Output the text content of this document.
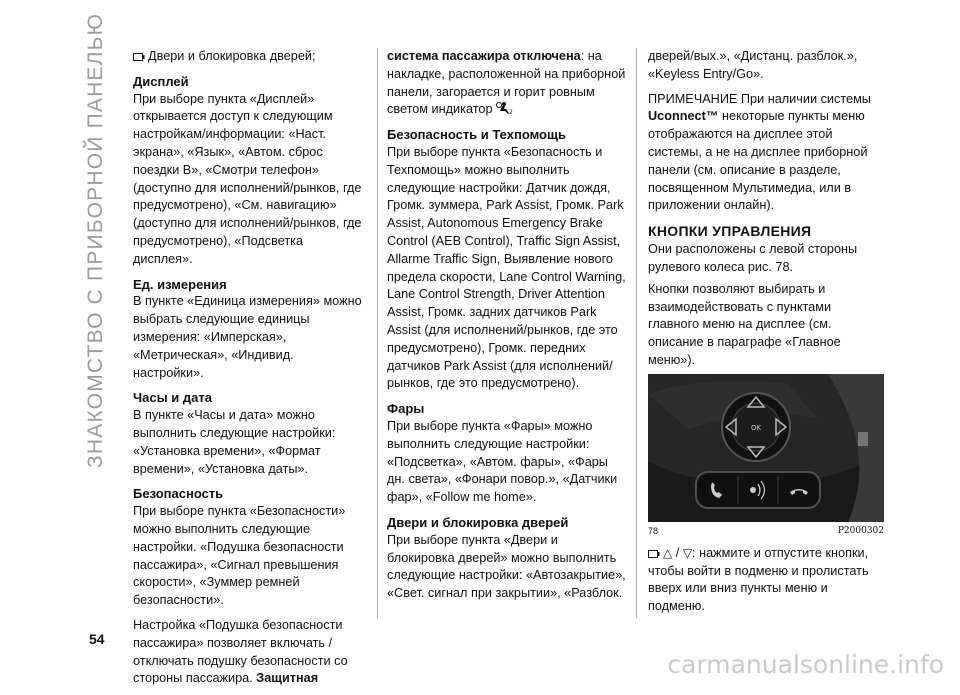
ЗНАКОМСТВО С ПРИБОРНОЙ ПАНЕЛЬЮ
54
carmanualsonline.info

Двери и блокировка дверей;

Дисплей

При выборе пункта «Дисплей» открывается доступ к следующим настройкам/информации: «Наст. экрана», «Язык», «Автом. сброс поездки B», «Смотри телефон» (доступно для исполнений/рынков, где предусмотрено), «См. навигацию» (доступно для исполнений/рынков, где предусмотрено), «Подсветка дисплея».

Ед. измерения

В пункте «Единица измерения» можно выбрать следующие единицы измерения: «Имперская», «Метрическая», «Индивид. настройки».

Часы и дата

В пункте «Часы и дата» можно выполнить следующие настройки: «Установка времени», «Формат времени», «Установка даты».

Безопасность

При выборе пункта «Безопасности» можно выполнить следующие настройки. «Подушка безопасности пассажира», «Сигнал превышения скорости», «Зуммер ремней безопасности».

Настройка «Подушка безопасности пассажира» позволяет включать / отключать подушку безопасности со стороны пассажира. Защитная

система пассажира отключена: на накладке, расположенной на приборной панели, загорается и горит ровным светом индикатор	2

Безопасность и Техпомощь

При выборе пункта «Безопасность и Техпомощь» можно выполнить следующие настройки: Датчик дождя, Громк. зуммера, Park Assist, Громк. Park Assist, Autonomous Emergency Brake Control (AEB Control), Traffic Sign Assist, Allarme Traffic Sign, Выявление нового предела скорости, Lane Control Warning, Lane Control Strength, Driver Attention Assist, Громк. задних датчиков Park Assist (для исполнений/рынков, где это предусмотрено), Громк. передних датчиков Park Assist (для исполнений/рынков, где это предусмотрено).

Фары

При выборе пункта «Фары» можно выполнить следующие настройки: «Подсветка», «Автом. фары», «Фары дн. света», «Фонари повор.», «Датчики фар», «Follow me home».

Двери и блокировка дверей

При выборе пункта «Двери и блокировка дверей» можно выполнить следующие настройки: «Автозакрытие», «Свет. сигнал при закрытии», «Разблок.

дверей/вых.», «Дистанц. разблок.», «Keyless Entry/Go».

ПРИМЕЧАНИЕ При наличии системы Uconnect™ некоторые пункты меню отображаются на дисплее этой системы, а не на дисплее приборной панели (см. описание в разделе, посвященном Мультимедиа, или в приложении онлайн).

КНОПКИ УПРАВЛЕНИЯ

Они расположены с левой стороны рулевого колеса рис. 78.

Кнопки позволяют выбирать и взаимодействовать с пунктами главного меню на дисплее (см. описание в параграфе «Главное меню»).

OK
78	P2000302

△ / ▽: нажмите и отпустите кнопки, чтобы войти в подменю и пролистать вверх или вниз пункты меню и подменю.
